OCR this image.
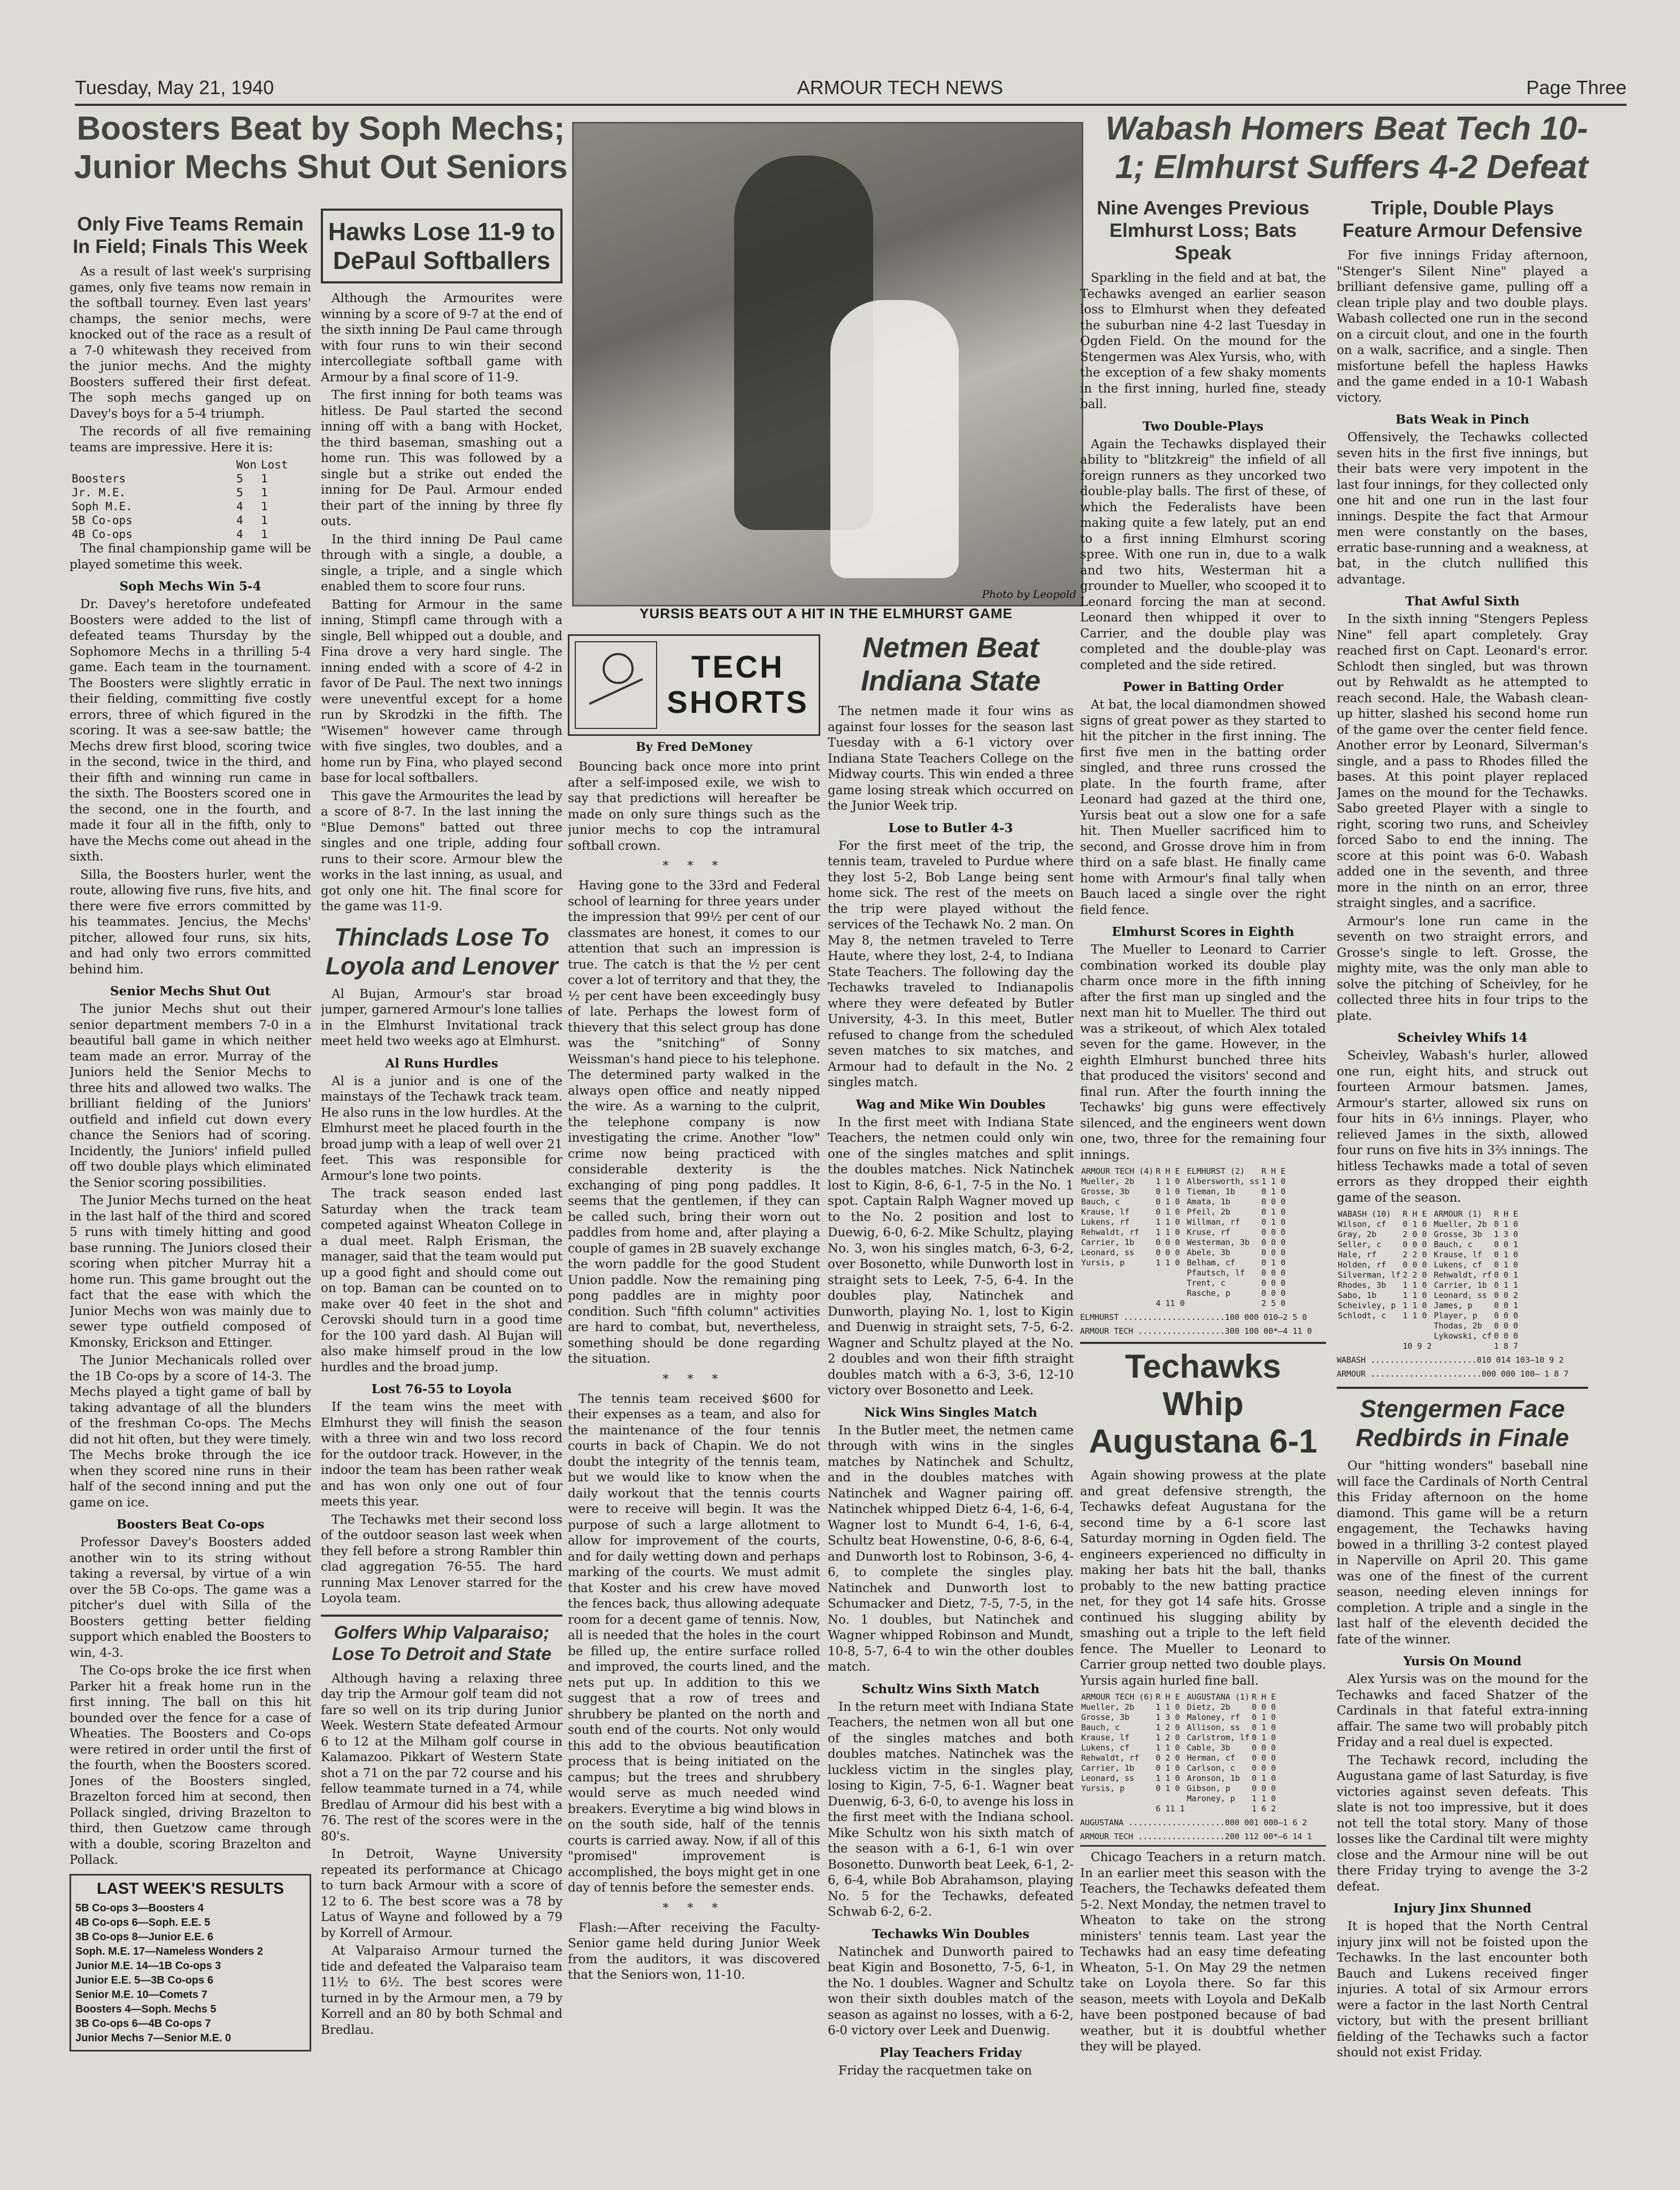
Tuesday, May 21, 1940	ARMOUR TECH NEWS	Page Three
Boosters Beat by Soph Mechs; Junior Mechs Shut Out Seniors
Wabash Homers Beat Tech 10-1; Elmhurst Suffers 4-2 Defeat
Photo by Leopold
YURSIS BEATS OUT A HIT IN THE ELMHURST GAME
Only Five Teams Remain In Field; Finals This Week

As a result of last week's surprising games, only five teams now remain in the softball tourney. Even last years' champs, the senior mechs, were knocked out of the race as a result of a 7-0 whitewash they received from the junior mechs. And the mighty Boosters suffered their first defeat. The soph mechs ganged up on Davey's boys for a 5-4 triumph.

The records of all five remaining teams are impressive. Here it is:

	Won	Lost
Boosters	5	1
Jr. M.E.	5	1
Soph M.E.	4	1
5B Co-ops	4	1
4B Co-ops	4	1

The final championship game will be played sometime this week.

Soph Mechs Win 5-4

Dr. Davey's heretofore undefeated Boosters were added to the list of defeated teams Thursday by the Sophomore Mechs in a thrilling 5-4 game. Each team in the tournament. The Boosters were slightly erratic in their fielding, committing five costly errors, three of which figured in the scoring. It was a see-saw battle; the Mechs drew first blood, scoring twice in the second, twice in the third, and their fifth and winning run came in the sixth. The Boosters scored one in the second, one in the fourth, and made it four all in the fifth, only to have the Mechs come out ahead in the sixth.

Silla, the Boosters hurler, went the route, allowing five runs, five hits, and there were five errors committed by his teammates. Jencius, the Mechs' pitcher, allowed four runs, six hits, and had only two errors committed behind him.

Senior Mechs Shut Out

The junior Mechs shut out their senior department members 7-0 in a beautiful ball game in which neither team made an error. Murray of the Juniors held the Senior Mechs to three hits and allowed two walks. The brilliant fielding of the Juniors' outfield and infield cut down every chance the Seniors had of scoring. Incidently, the Juniors' infield pulled off two double plays which eliminated the Senior scoring possibilities.

The Junior Mechs turned on the heat in the last half of the third and scored 5 runs with timely hitting and good base running. The Juniors closed their scoring when pitcher Murray hit a home run. This game brought out the fact that the ease with which the Junior Mechs won was mainly due to sewer type outfield composed of Kmonsky, Erickson and Ettinger.

The Junior Mechanicals rolled over the 1B Co-ops by a score of 14-3. The Mechs played a tight game of ball by taking advantage of all the blunders of the freshman Co-ops. The Mechs did not hit often, but they were timely. The Mechs broke through the ice when they scored nine runs in their half of the second inning and put the game on ice.

Boosters Beat Co-ops

Professor Davey's Boosters added another win to its string without taking a reversal, by virtue of a win over the 5B Co-ops. The game was a pitcher's duel with Silla of the Boosters getting better fielding support which enabled the Boosters to win, 4-3.

The Co-ops broke the ice first when Parker hit a freak home run in the first inning. The ball on this hit bounded over the fence for a case of Wheaties. The Boosters and Co-ops were retired in order until the first of the fourth, when the Boosters scored. Jones of the Boosters singled, Brazelton forced him at second, then Pollack singled, driving Brazelton to third, then Guetzow came through with a double, scoring Brazelton and Pollack.

LAST WEEK'S RESULTS
5B Co-ops 3—Boosters 4
4B Co-ops 6—Soph. E.E. 5
3B Co-ops 8—Junior E.E. 6
Soph. M.E. 17—Nameless Wonders 2
Junior M.E. 14—1B Co-ops 3
Junior E.E. 5—3B Co-ops 6
Senior M.E. 10—Comets 7
Boosters 4—Soph. Mechs 5
3B Co-ops 6—4B Co-ops 7
Junior Mechs 7—Senior M.E. 0
Hawks Lose 11-9 to DePaul Softballers

Although the Armourites were winning by a score of 9-7 at the end of the sixth inning De Paul came through with four runs to win their second intercollegiate softball game with Armour by a final score of 11-9.

The first inning for both teams was hitless. De Paul started the second inning off with a bang with Hocket, the third baseman, smashing out a home run. This was followed by a single but a strike out ended the inning for De Paul. Armour ended their part of the inning by three fly outs.

In the third inning De Paul came through with a single, a double, a single, a triple, and a single which enabled them to score four runs.

Batting for Armour in the same inning, Stimpfl came through with a single, Bell whipped out a double, and Fina drove a very hard single. The inning ended with a score of 4-2 in favor of De Paul. The next two innings were uneventful except for a home run by Skrodzki in the fifth. The "Wisemen" however came through with five singles, two doubles, and a home run by Fina, who played second base for local softballers.

This gave the Armourites the lead by a score of 8-7. In the last inning the "Blue Demons" batted out three singles and one triple, adding four runs to their score. Armour blew the works in the last inning, as usual, and got only one hit. The final score for the game was 11-9.

Thinclads Lose To Loyola and Lenover

Al Bujan, Armour's star broad jumper, garnered Armour's lone tallies in the Elmhurst Invitational track meet held two weeks ago at Elmhurst.

Al Runs Hurdles

Al is a junior and is one of the mainstays of the Techawk track team. He also runs in the low hurdles. At the Elmhurst meet he placed fourth in the broad jump with a leap of well over 21 feet. This was responsible for Armour's lone two points.

The track season ended last Saturday when the track team competed against Wheaton College in a dual meet. Ralph Erisman, the manager, said that the team would put up a good fight and should come out on top. Baman can be counted on to make over 40 feet in the shot and Cerovski should turn in a good time for the 100 yard dash. Al Bujan will also make himself proud in the low hurdles and the broad jump.

Lost 76-55 to Loyola

If the team wins the meet with Elmhurst they will finish the season with a three win and two loss record for the outdoor track. However, in the indoor the team has been rather weak and has won only one out of four meets this year.

The Techawks met their second loss of the outdoor season last week when they fell before a strong Rambler thin clad aggregation 76-55. The hard running Max Lenover starred for the Loyola team.

Golfers Whip Valparaiso; Lose To Detroit and State

Although having a relaxing three day trip the Armour golf team did not fare so well on its trip during Junior Week. Western State defeated Armour 6 to 12 at the Milham golf course in Kalamazoo. Pikkart of Western State shot a 71 on the par 72 course and his fellow teammate turned in a 74, while Bredlau of Armour did his best with a 76. The rest of the scores were in the 80's.

In Detroit, Wayne University repeated its performance at Chicago to turn back Armour with a score of 12 to 6. The best score was a 78 by Latus of Wayne and followed by a 79 by Korrell of Armour.

At Valparaiso Armour turned the tide and defeated the Valparaiso team 11½ to 6½. The best scores were turned in by the Armour men, a 79 by Korrell and an 80 by both Schmal and Bredlau.

TECH SHORTS
By Fred DeMoney

Bouncing back once more into print after a self-imposed exile, we wish to say that predictions will hereafter be made on only sure things such as the junior mechs to cop the intramural softball crown.

* * *

Having gone to the 33rd and Federal school of learning for three years under the impression that 99½ per cent of our classmates are honest, it comes to our attention that such an impression is true. The catch is that the ½ per cent cover a lot of territory and that they, the ½ per cent have been exceedingly busy of late. Perhaps the lowest form of thievery that this select group has done was the "snitching" of Sonny Weissman's hand piece to his telephone. The determined party walked in the always open office and neatly nipped the wire. As a warning to the culprit, the telephone company is now investigating the crime. Another "low" crime now being practiced with considerable dexterity is the exchanging of ping pong paddles. It seems that the gentlemen, if they can be called such, bring their worn out paddles from home and, after playing a couple of games in 2B suavely exchange the worn paddle for the good Student Union paddle. Now the remaining ping pong paddles are in mighty poor condition. Such "fifth column" activities are hard to combat, but, nevertheless, something should be done regarding the situation.

* * *

The tennis team received $600 for their expenses as a team, and also for the maintenance of the four tennis courts in back of Chapin. We do not doubt the integrity of the tennis team, but we would like to know when the daily workout that the tennis courts were to receive will begin. It was the purpose of such a large allotment to allow for improvement of the courts, and for daily wetting down and perhaps marking of the courts. We must admit that Koster and his crew have moved the fences back, thus allowing adequate room for a decent game of tennis. Now, all is needed that the holes in the court be filled up, the entire surface rolled and improved, the courts lined, and the nets put up. In addition to this we suggest that a row of trees and shrubbery be planted on the north and south end of the courts. Not only would this add to the obvious beautification process that is being initiated on the campus; but the trees and shrubbery would serve as much needed wind breakers. Everytime a big wind blows in on the south side, half of the tennis courts is carried away. Now, if all of this "promised" improvement is accomplished, the boys might get in one day of tennis before the semester ends.

* * *

Flash:—After receiving the Faculty-Senior game held during Junior Week from the auditors, it was discovered that the Seniors won, 11-10.

Netmen Beat Indiana State

The netmen made it four wins as against four losses for the season last Tuesday with a 6-1 victory over Indiana State Teachers College on the Midway courts. This win ended a three game losing streak which occurred on the Junior Week trip.

Lose to Butler 4-3

For the first meet of the trip, the tennis team, traveled to Purdue where they lost 5-2, Bob Lange being sent home sick. The rest of the meets on the trip were played without the services of the Techawk No. 2 man. On May 8, the netmen traveled to Terre Haute, where they lost, 2-4, to Indiana State Teachers. The following day the Techawks traveled to Indianapolis where they were defeated by Butler University, 4-3. In this meet, Butler refused to change from the scheduled seven matches to six matches, and Armour had to default in the No. 2 singles match.

Wag and Mike Win Doubles

In the first meet with Indiana State Teachers, the netmen could only win one of the singles matches and split the doubles matches. Nick Natinchek lost to Kigin, 8-6, 6-1, 7-5 in the No. 1 spot. Captain Ralph Wagner moved up to the No. 2 position and lost to Duewig, 6-0, 6-2. Mike Schultz, playing No. 3, won his singles match, 6-3, 6-2, over Bosonetto, while Dunworth lost in straight sets to Leek, 7-5, 6-4. In the doubles play, Natinchek and Dunworth, playing No. 1, lost to Kigin and Duenwig in straight sets, 7-5, 6-2. Wagner and Schultz played at the No. 2 doubles and won their fifth straight doubles match with a 6-3, 3-6, 12-10 victory over Bosonetto and Leek.

Nick Wins Singles Match

In the Butler meet, the netmen came through with wins in the singles matches by Natinchek and Schultz, and in the doubles matches with Natinchek and Wagner pairing off. Natinchek whipped Dietz 6-4, 1-6, 6-4, Wagner lost to Mundt 6-4, 1-6, 6-4, Schultz beat Howenstine, 0-6, 8-6, 6-4, and Dunworth lost to Robinson, 3-6, 4-6, to complete the singles play. Natinchek and Dunworth lost to Schumacker and Dietz, 7-5, 7-5, in the No. 1 doubles, but Natinchek and Wagner whipped Robinson and Mundt, 10-8, 5-7, 6-4 to win the other doubles match.

Schultz Wins Sixth Match

In the return meet with Indiana State Teachers, the netmen won all but one of the singles matches and both doubles matches. Natinchek was the luckless victim in the singles play, losing to Kigin, 7-5, 6-1. Wagner beat Duenwig, 6-3, 6-0, to avenge his loss in the first meet with the Indiana school. Mike Schultz won his sixth match of the season with a 6-1, 6-1 win over Bosonetto. Dunworth beat Leek, 6-1, 2-6, 6-4, while Bob Abrahamson, playing No. 5 for the Techawks, defeated Schwab 6-2, 6-2.

Techawks Win Doubles

Natinchek and Dunworth paired to beat Kigin and Bosonetto, 7-5, 6-1, in the No. 1 doubles. Wagner and Schultz won their sixth doubles match of the season as against no losses, with a 6-2, 6-0 victory over Leek and Duenwig.

Play Teachers Friday

Friday the racquetmen take on

Nine Avenges Previous Elmhurst Loss; Bats Speak

Sparkling in the field and at bat, the Techawks avenged an earlier season loss to Elmhurst when they defeated the suburban nine 4-2 last Tuesday in Ogden Field. On the mound for the Stengermen was Alex Yursis, who, with the exception of a few shaky moments in the first inning, hurled fine, steady ball.

Two Double-Plays

Again the Techawks displayed their ability to "blitzkreig" the infield of all foreign runners as they uncorked two double-play balls. The first of these, of which the Federalists have been making quite a few lately, put an end to a first inning Elmhurst scoring spree. With one run in, due to a walk and two hits, Westerman hit a grounder to Mueller, who scooped it to Leonard forcing the man at second. Leonard then whipped it over to Carrier, and the double play was completed and the double-play was completed and the side retired.

Power in Batting Order

At bat, the local diamondmen showed signs of great power as they started to hit the pitcher in the first inning. The first five men in the batting order singled, and three runs crossed the plate. In the fourth frame, after Leonard had gazed at the third one, Yursis beat out a slow one for a safe hit. Then Mueller sacrificed him to second, and Grosse drove him in from third on a safe blast. He finally came home with Armour's final tally when Bauch laced a single over the right field fence.

Elmhurst Scores in Eighth

The Mueller to Leonard to Carrier combination worked its double play charm once more in the fifth inning after the first man up singled and the next man hit to Mueller. The third out was a strikeout, of which Alex totaled seven for the game. However, in the eighth Elmhurst bunched three hits that produced the visitors' second and final run. After the fourth inning the Techawks' big guns were effectively silenced, and the engineers went down one, two, three for the remaining four innings.

ARMOUR TECH (4)	R H E	ELMHURST (2)	R H E
Mueller, 2b	1 1 0	Albersworth, ss	1 1 0
Grosse, 3b	0 1 0	Tieman, 1b	0 1 0
Bauch, c	0 1 0	Amata, 1b	0 0 0
Krause, lf	0 1 0	Pfeil, 2b	0 1 0
Lukens, rf	1 1 0	Willman, rf	0 1 0
Rehwaldt, rf	1 1 0	Kruse, rf	0 0 0
Carrier, 1b	0 0 0	Westerman, 3b	0 0 0
Leonard, ss	0 0 0	Abele, 3b	0 0 0
Yursis, p	1 1 0	Belham, cf	0 1 0
		Pfautsch, lf	0 0 0
		Trent, c	0 0 0
		Rasche, p	0 0 0
	4 11 0		2 5 0
ELMHURST .....................100 000 010—2 5 0
ARMOUR TECH ..................300 100 00*—4 11 0
Techawks Whip Augustana 6-1

Again showing prowess at the plate and great defensive strength, the Techawks defeat Augustana for the second time by a 6-1 score last Saturday morning in Ogden field. The engineers experienced no difficulty in making her bats hit the ball, thanks probably to the new batting practice net, for they got 14 safe hits. Grosse continued his slugging ability by smashing out a triple to the left field fence. The Mueller to Leonard to Carrier group netted two double plays. Yursis again hurled fine ball.

ARMOUR TECH (6)	R H E	AUGUSTANA (1)	R H E
Mueller, 2b	1 1 0	Dietz, 2b	0 0 0
Grosse, 3b	1 3 0	Maloney, rf	0 1 0
Bauch, c	1 2 0	Allison, ss	0 1 0
Krause, lf	1 2 0	Carlstrom, lf	0 1 0
Lukens, cf	1 1 0	Cable, 3b	0 0 0
Rehwaldt, rf	0 2 0	Herman, cf	0 0 0
Carrier, 1b	0 1 0	Carlson, c	0 0 0
Leonard, ss	1 1 0	Aronson, 1b	0 1 0
Yursis, p	0 1 0	Gibson, p	0 0 0
		Maroney, p	1 1 0
	6 11 1		1 6 2
AUGUSTANA ....................000 001 000—1 6 2
ARMOUR TECH ..................200 112 00*—6 14 1

Chicago Teachers in a return match. In an earlier meet this season with the Teachers, the Techawks defeated them 5-2. Next Monday, the netmen travel to Wheaton to take on the strong ministers' tennis team. Last year the Techawks had an easy time defeating Wheaton, 5-1. On May 29 the netmen take on Loyola there. So far this season, meets with Loyola and DeKalb have been postponed because of bad weather, but it is doubtful whether they will be played.

Triple, Double Plays Feature Armour Defensive

For five innings Friday afternoon, "Stenger's Silent Nine" played a brilliant defensive game, pulling off a clean triple play and two double plays. Wabash collected one run in the second on a circuit clout, and one in the fourth on a walk, sacrifice, and a single. Then misfortune befell the hapless Hawks and the game ended in a 10-1 Wabash victory.

Bats Weak in Pinch

Offensively, the Techawks collected seven hits in the first five innings, but their bats were very impotent in the last four innings, for they collected only one hit and one run in the last four innings. Despite the fact that Armour men were constantly on the bases, erratic base-running and a weakness, at bat, in the clutch nullified this advantage.

That Awful Sixth

In the sixth inning "Stengers Pepless Nine" fell apart completely. Gray reached first on Capt. Leonard's error. Schlodt then singled, but was thrown out by Rehwaldt as he attempted to reach second. Hale, the Wabash clean-up hitter, slashed his second home run of the game over the center field fence. Another error by Leonard, Silverman's single, and a pass to Rhodes filled the bases. At this point player replaced James on the mound for the Techawks. Sabo greeted Player with a single to right, scoring two runs, and Scheivley forced Sabo to end the inning. The score at this point was 6-0. Wabash added one in the seventh, and three more in the ninth on an error, three straight singles, and a sacrifice.

Armour's lone run came in the seventh on two straight errors, and Grosse's single to left. Grosse, the mighty mite, was the only man able to solve the pitching of Scheivley, for he collected three hits in four trips to the plate.

Scheivley Whifs 14

Scheivley, Wabash's hurler, allowed one run, eight hits, and struck out fourteen Armour batsmen. James, Armour's starter, allowed six runs on four hits in 6⅓ innings. Player, who relieved James in the sixth, allowed four runs on five hits in 3⅔ innings. The hitless Techawks made a total of seven errors as they dropped their eighth game of the season.

WABASH (10)	R H E	ARMOUR (1)	R H E
Wilson, cf	0 1 0	Mueller, 2b	0 1 0
Gray, 2b	2 0 0	Grosse, 3b	1 3 0
Seller, c	0 0 0	Bauch, c	0 0 1
Hale, rf	2 2 0	Krause, lf	0 1 0
Holden, rf	0 0 0	Lukens, cf	0 1 0
Silverman, lf	2 2 0	Rehwaldt, rf	0 0 1
Rhodes, 3b	1 1 0	Carrier, 1b	0 1 1
Sabo, 1b	1 1 0	Leonard, ss	0 0 2
Scheivley, p	1 1 0	James, p	0 0 1
Schlodt, c	1 1 0	Player, p	0 0 0
		Thodas, 2b	0 0 0
		Lykowski, cf	0 0 0
	10 9 2		1 8 7
WABASH ......................010 014 103—10 9 2
ARMOUR .......................000 000 100— 1 8 7
Stengermen Face Redbirds in Finale

Our "hitting wonders" baseball nine will face the Cardinals of North Central this Friday afternoon on the home diamond. This game will be a return engagement, the Techawks having bowed in a thrilling 3-2 contest played in Naperville on April 20. This game was one of the finest of the current season, needing eleven innings for completion. A triple and a single in the last half of the eleventh decided the fate of the winner.

Yursis On Mound

Alex Yursis was on the mound for the Techawks and faced Shatzer of the Cardinals in that fateful extra-inning affair. The same two will probably pitch Friday and a real duel is expected.

The Techawk record, including the Augustana game of last Saturday, is five victories against seven defeats. This slate is not too impressive, but it does not tell the total story. Many of those losses like the Cardinal tilt were mighty close and the Armour nine will be out there Friday trying to avenge the 3-2 defeat.

Injury Jinx Shunned

It is hoped that the North Central injury jinx will not be foisted upon the Techawks. In the last encounter both Bauch and Lukens received finger injuries. A total of six Armour errors were a factor in the last North Central victory, but with the present brilliant fielding of the Techawks such a factor should not exist Friday.
